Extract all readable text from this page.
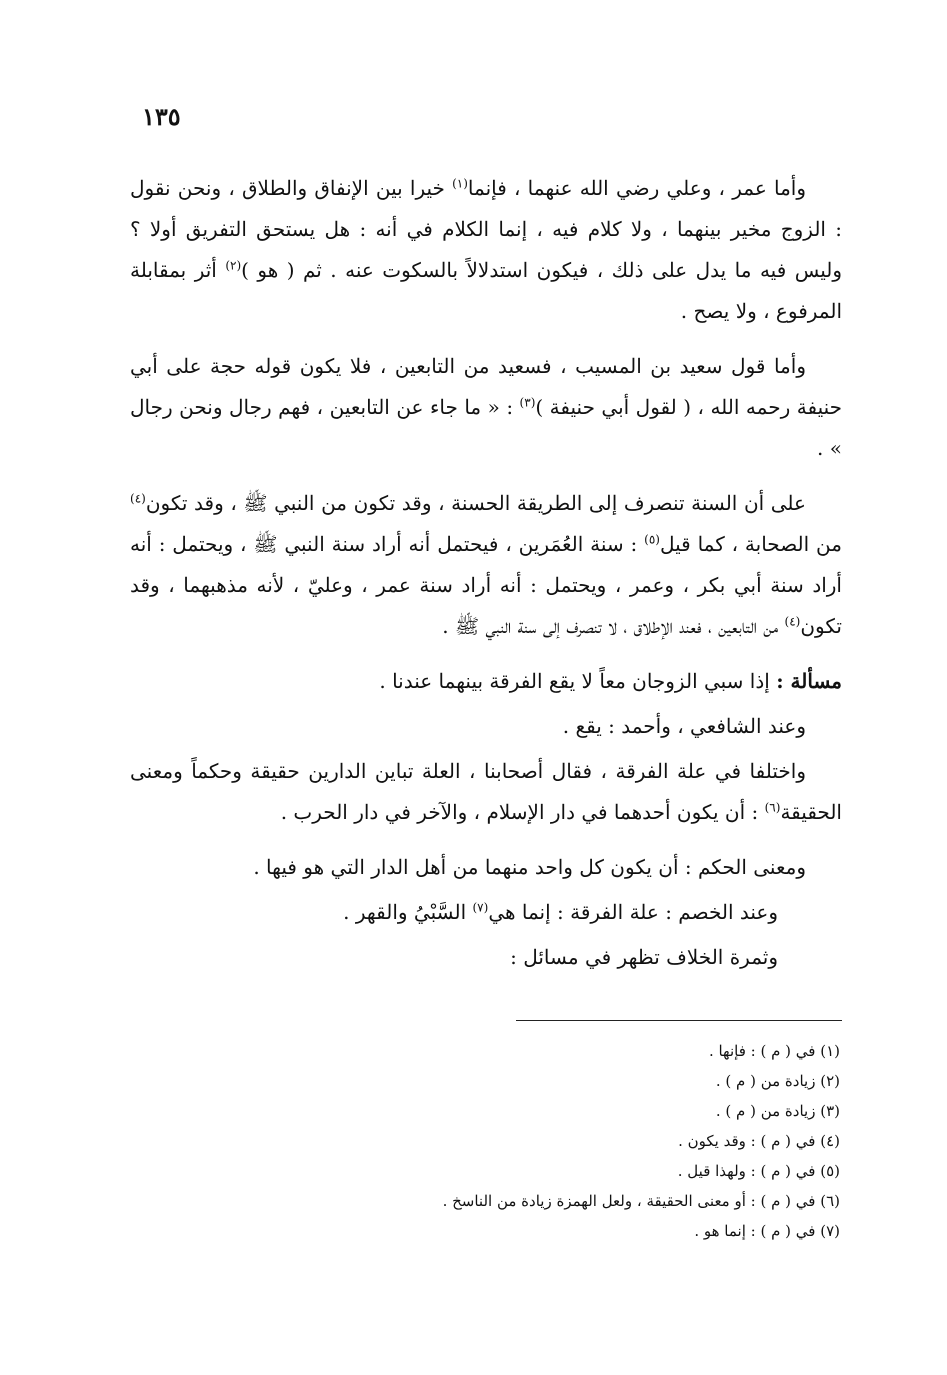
١٣٥

وأما عمر ، وعلي رضي الله عنهما ، فإنما$^{(١)}$ خيرا بين الإنفاق والطلاق ، ونحن نقول : الزوج مخير بينهما ، ولا كلام فيه ، إنما الكلام في أنه : هل يستحق التفريق أولا ؟ وليس فيه ما يدل على ذلك ، فيكون استدلالاً بالسكوت عنه . ثم ( هو )$^{(٢)}$ أثر بمقابلة المرفوع ، ولا يصح .

وأما قول سعيد بن المسيب ، فسعيد من التابعين ، فلا يكون قوله حجة على أبي حنيفة رحمه الله ، ( لقول أبي حنيفة )$^{(٣)}$ : « ما جاء عن التابعين ، فهم رجال ونحن رجال » .

على أن السنة تنصرف إلى الطريقة الحسنة ، وقد تكون من النبي ﷺ ، وقد تكون$^{(٤)}$ من الصحابة ، كما قيل$^{(٥)}$ : سنة العُمَرين ، فيحتمل أنه أراد سنة النبي ﷺ ، ويحتمل : أنه أراد سنة أبي بكر ، وعمر ، ويحتمل : أنه أراد سنة عمر ، وعليّ ، لأنه مذهبهما ، وقد تكون$^{(٤)}$ من التابعين ، فعند الإطلاق ، لا تنصرف إلى سنة النبي ﷺ .

مسألة : إذا سبي الزوجان معاً لا يقع الفرقة بينهما عندنا .

وعند الشافعي ، وأحمد : يقع .

واختلفا في علة الفرقة ، فقال أصحابنا ، العلة تباين الدارين حقيقة وحكماً ومعنى الحقيقة$^{(٦)}$ : أن يكون أحدهما في دار الإسلام ، والآخر في دار الحرب .

ومعنى الحكم : أن يكون كل واحد منهما من أهل الدار التي هو فيها .

وعند الخصم : علة الفرقة : إنما هي$^{(٧)}$ السَّبْيُ والقهر .

وثمرة الخلاف تظهر في مسائل :

(١) في ( م ) : فإنها .

(٢) زيادة من ( م ) .

(٣) زيادة من ( م ) .

(٤) في ( م ) : وقد يكون .

(٥) في ( م ) : ولهذا قيل .

(٦) في ( م ) : أو معنى الحقيقة ، ولعل الهمزة زيادة من الناسخ .

(٧) في ( م ) : إنما هو .
